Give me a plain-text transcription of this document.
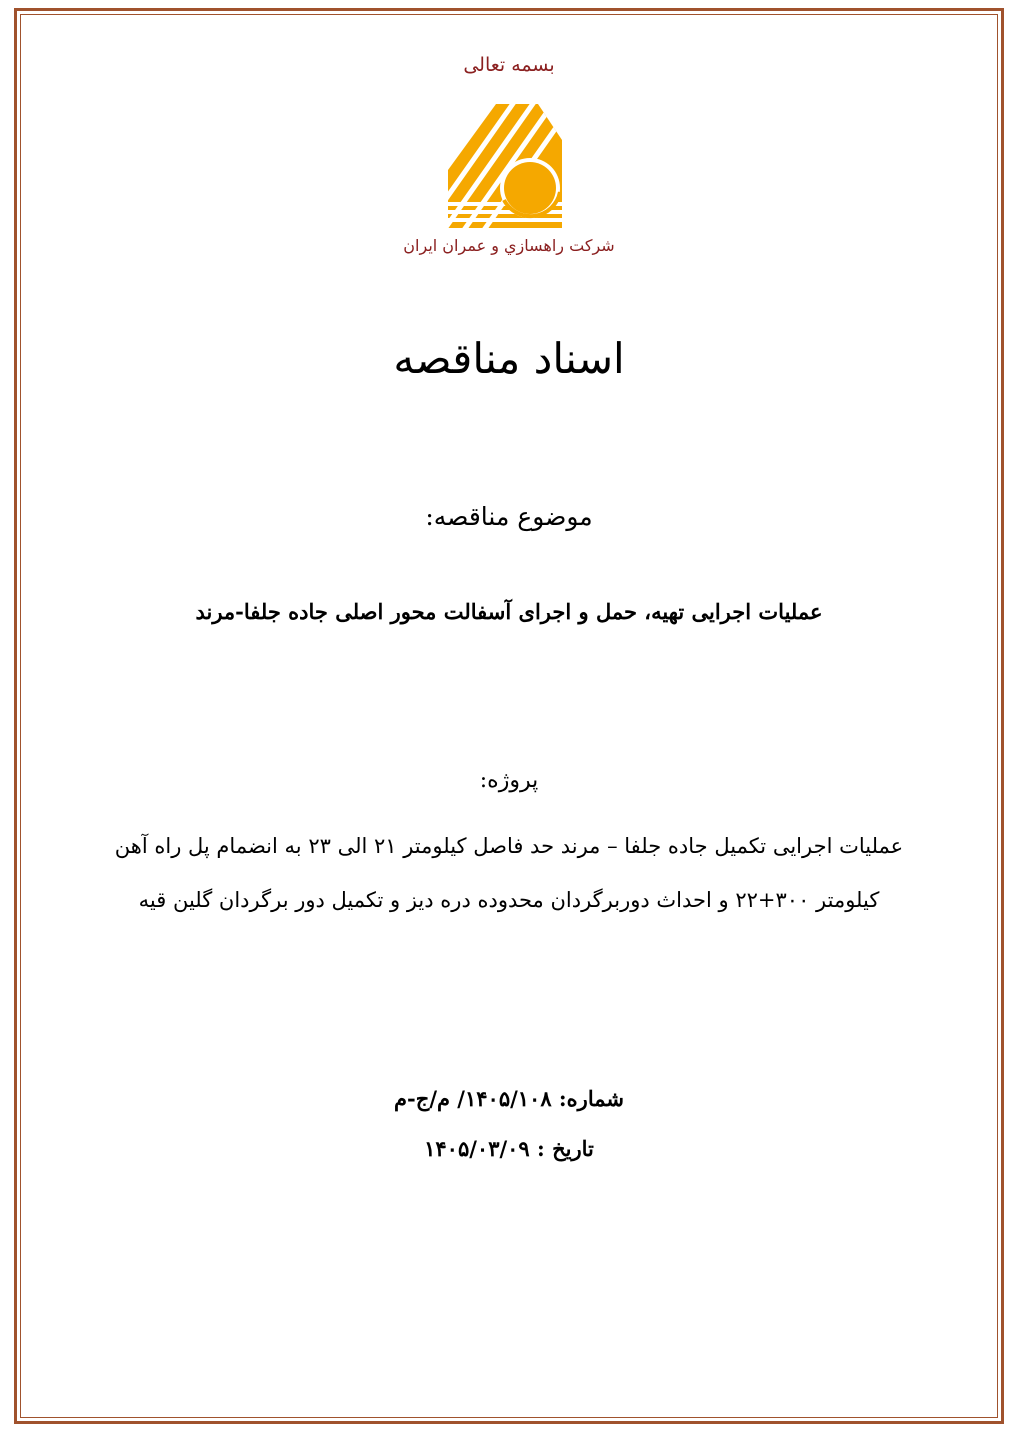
بسمه تعالی
شرکت راهسازي و عمران ايران
اسناد مناقصه
موضوع مناقصه:
عملیات اجرایی تهیه، حمل و اجرای آسفالت محور اصلی جاده جلفا-مرند
پروژه:
عملیات اجرایی تکمیل جاده جلفا – مرند حد فاصل کیلومتر ۲۱ الی ۲۳ به انضمام پل راه آهن
کیلومتر ۳۰۰+۲۲ و احداث دوربرگردان محدوده دره دیز و تکمیل دور برگردان گلین قیه
شماره: ۱۴۰۵/۱۰۸/ م/ج-م
تاریخ : ۱۴۰۵/۰۳/۰۹
